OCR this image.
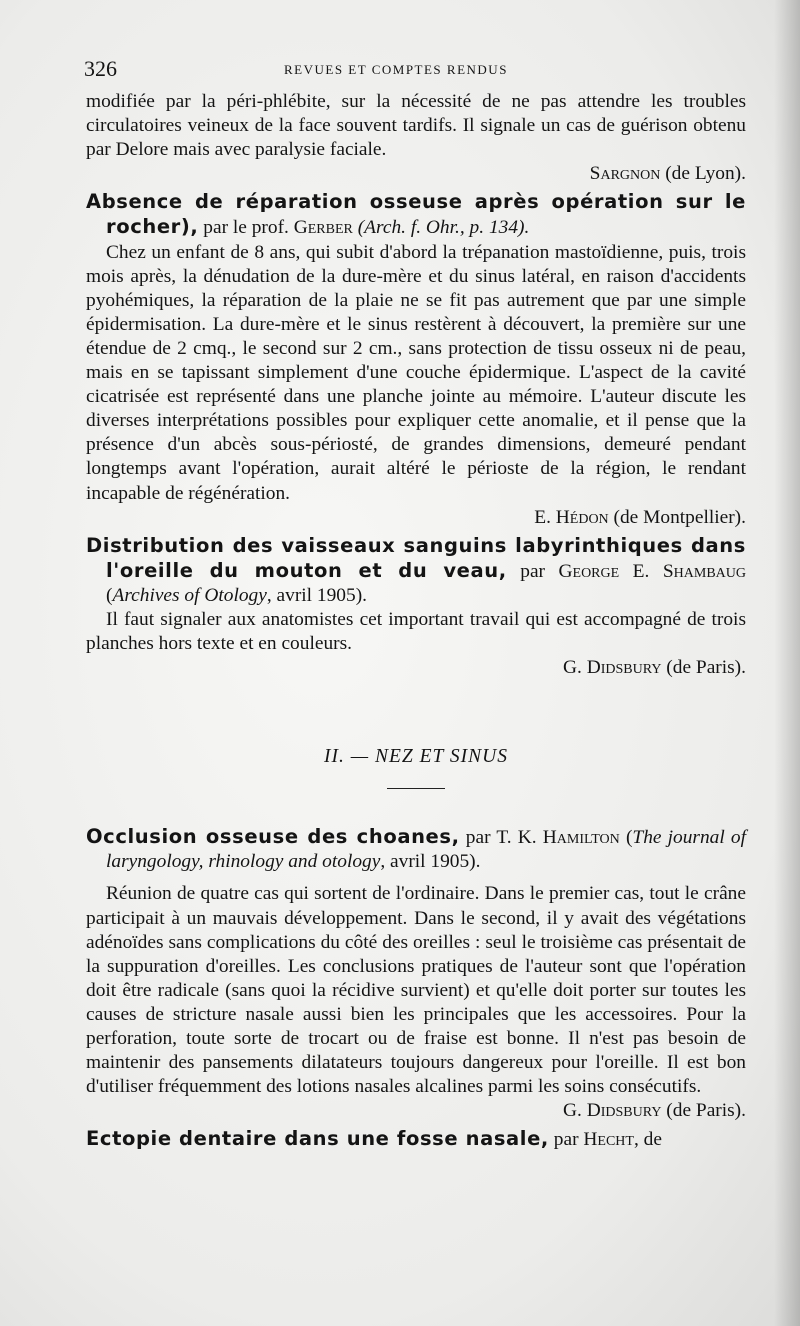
326	REVUES ET COMPTES RENDUS

modifiée par la péri-phlébite, sur la nécessité de ne pas attendre les troubles circulatoires veineux de la face souvent tardifs. Il signale un cas de guérison obtenu par Delore mais avec paralysie faciale.

Sargnon (de Lyon).

Absence de réparation osseuse après opération sur le rocher), par le prof. Gerber (Arch. f. Ohr., p. 134).

Chez un enfant de 8 ans, qui subit d'abord la trépanation mastoïdienne, puis, trois mois après, la dénudation de la dure-mère et du sinus latéral, en raison d'accidents pyohémiques, la réparation de la plaie ne se fit pas autrement que par une simple épidermisation. La dure-mère et le sinus restèrent à découvert, la première sur une étendue de 2 cmq., le second sur 2 cm., sans protection de tissu osseux ni de peau, mais en se tapissant simplement d'une couche épidermique. L'aspect de la cavité cicatrisée est représenté dans une planche jointe au mémoire. L'auteur discute les diverses interprétations possibles pour expliquer cette anomalie, et il pense que la présence d'un abcès sous-périosté, de grandes dimensions, demeuré pendant longtemps avant l'opération, aurait altéré le périoste de la région, le rendant incapable de régénération.

E. Hédon (de Montpellier).

Distribution des vaisseaux sanguins labyrinthiques dans l'oreille du mouton et du veau, par George E. Shambaug (Archives of Otology, avril 1905).

Il faut signaler aux anatomistes cet important travail qui est accompagné de trois planches hors texte et en couleurs.

G. Didsbury (de Paris).

II. — NEZ ET SINUS

Occlusion osseuse des choanes, par T. K. Hamilton (The journal of laryngology, rhinology and otology, avril 1905).

Réunion de quatre cas qui sortent de l'ordinaire. Dans le premier cas, tout le crâne participait à un mauvais développement. Dans le second, il y avait des végétations adénoïdes sans complications du côté des oreilles : seul le troisième cas présentait de la suppuration d'oreilles. Les conclusions pratiques de l'auteur sont que l'opération doit être radicale (sans quoi la récidive survient) et qu'elle doit porter sur toutes les causes de stricture nasale aussi bien les principales que les accessoires. Pour la perforation, toute sorte de trocart ou de fraise est bonne. Il n'est pas besoin de maintenir des pansements dilatateurs toujours dangereux pour l'oreille. Il est bon d'utiliser fréquemment des lotions nasales alcalines parmi les soins consécutifs.

G. Didsbury (de Paris).

Ectopie dentaire dans une fosse nasale, par Hecht, de
